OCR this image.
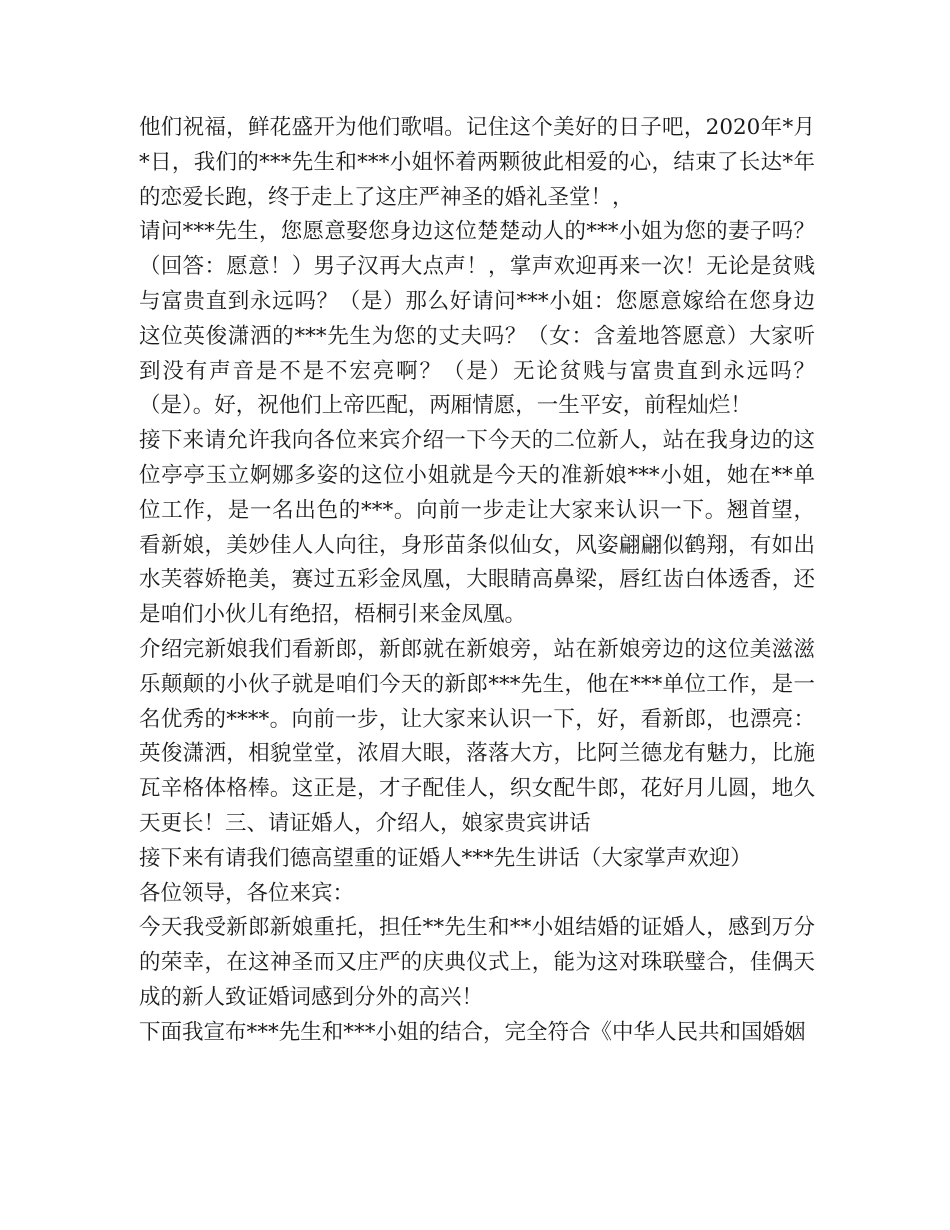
他们祝福，鲜花盛开为他们歌唱。记住这个美好的日子吧，2020年*月*日，我们的***先生和***小姐怀着两颗彼此相爱的心，结束了长达*年的恋爱长跑，终于走上了这庄严神圣的婚礼圣堂！，

请问***先生，您愿意娶您身边这位楚楚动人的***小姐为您的妻子吗？（回答：愿意！）男子汉再大点声！，掌声欢迎再来一次！无论是贫贱与富贵直到永远吗？（是）那么好请问***小姐：您愿意嫁给在您身边这位英俊潇洒的***先生为您的丈夫吗？（女：含羞地答愿意）大家听到没有声音是不是不宏亮啊？（是）无论贫贱与富贵直到永远吗？（是）。好，祝他们上帝匹配，两厢情愿，一生平安，前程灿烂！

接下来请允许我向各位来宾介绍一下今天的二位新人，站在我身边的这位亭亭玉立婀娜多姿的这位小姐就是今天的准新娘***小姐，她在**单位工作，是一名出色的***。向前一步走让大家来认识一下。翘首望，看新娘，美妙佳人人向往，身形苗条似仙女，风姿翩翩似鹤翔，有如出水芙蓉娇艳美，赛过五彩金凤凰，大眼睛高鼻梁，唇红齿白体透香，还是咱们小伙儿有绝招，梧桐引来金凤凰。

介绍完新娘我们看新郎，新郎就在新娘旁，站在新娘旁边的这位美滋滋乐颠颠的小伙子就是咱们今天的新郎***先生，他在***单位工作，是一名优秀的****。向前一步，让大家来认识一下，好，看新郎，也漂亮：英俊潇洒，相貌堂堂，浓眉大眼，落落大方，比阿兰德龙有魅力，比施瓦辛格体格棒。这正是，才子配佳人，织女配牛郎，花好月儿圆，地久天更长！三、请证婚人，介绍人，娘家贵宾讲话

接下来有请我们德高望重的证婚人***先生讲话（大家掌声欢迎）

各位领导，各位来宾：

今天我受新郎新娘重托，担任**先生和**小姐结婚的证婚人，感到万分的荣幸，在这神圣而又庄严的庆典仪式上，能为这对珠联璧合，佳偶天成的新人致证婚词感到分外的高兴！

下面我宣布***先生和***小姐的结合，完全符合《中华人民共和国婚姻
